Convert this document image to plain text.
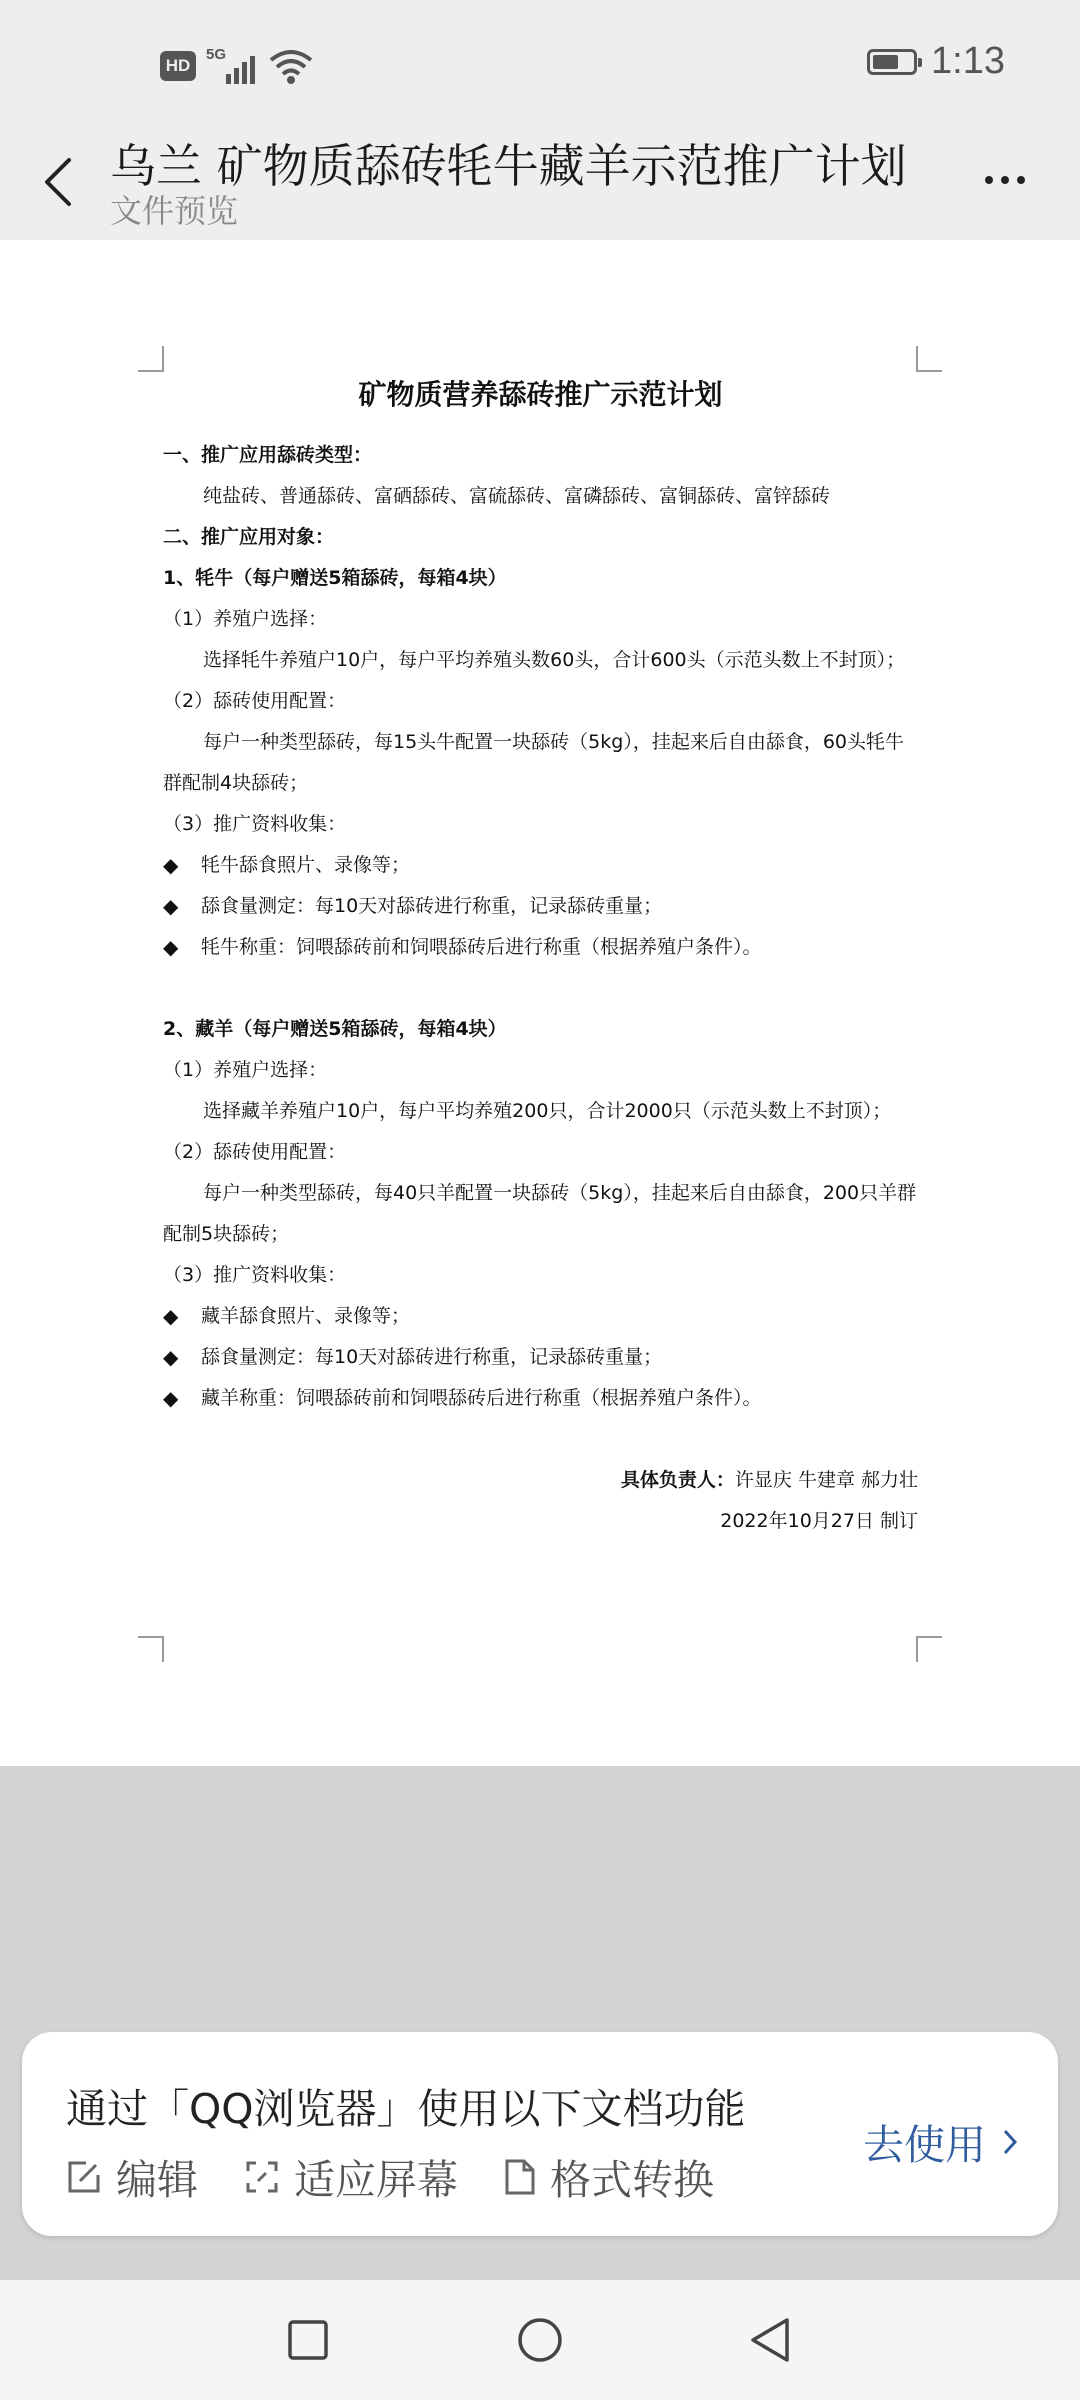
HD
5G	1:13
乌兰 矿物质舔砖牦牛藏羊示范推广计划
文件预览
矿物质营养舔砖推广示范计划

一、推广应用舔砖类型：

纯盐砖、普通舔砖、富硒舔砖、富硫舔砖、富磷舔砖、富铜舔砖、富锌舔砖

二、推广应用对象：

1、牦牛（每户赠送5箱舔砖，每箱4块）

（1）养殖户选择：

选择牦牛养殖户10户，每户平均养殖头数60头，合计600头（示范头数上不封顶）；

（2）舔砖使用配置：

每户一种类型舔砖，每15头牛配置一块舔砖（5kg），挂起来后自由舔食，60头牦牛群配制4块舔砖；

（3）推广资料收集：

◆	牦牛舔食照片、录像等；
◆	舔食量测定：每10天对舔砖进行称重，记录舔砖重量；
◆	牦牛称重：饲喂舔砖前和饲喂舔砖后进行称重（根据养殖户条件）。

2、藏羊（每户赠送5箱舔砖，每箱4块）

（1）养殖户选择：

选择藏羊养殖户10户，每户平均养殖200只，合计2000只（示范头数上不封顶）；

（2）舔砖使用配置：

每户一种类型舔砖，每40只羊配置一块舔砖（5kg），挂起来后自由舔食，200只羊群配制5块舔砖；

（3）推广资料收集：

◆	藏羊舔食照片、录像等；
◆	舔食量测定：每10天对舔砖进行称重，记录舔砖重量；
◆	藏羊称重：饲喂舔砖前和饲喂舔砖后进行称重（根据养殖户条件）。

具体负责人：许显庆 牛建章 郝力壮

2022年10月27日 制订

通过「QQ浏览器」使用以下文档功能
编辑 适应屏幕 格式转换
去使用
